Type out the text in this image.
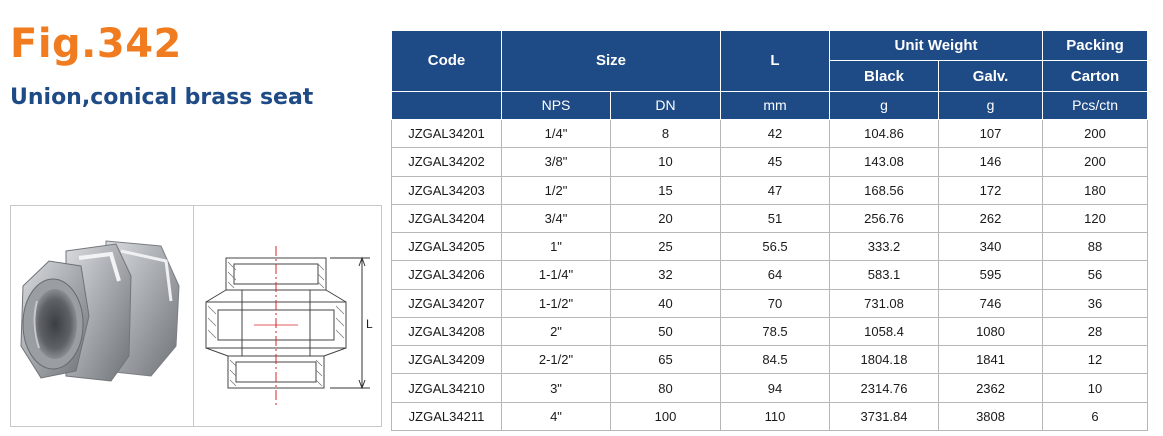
Fig.342
Union,conical brass seat
L
Code	Size		L	Unit Weight		Packing
				Black	Galv.	Carton
	NPS	DN	mm	g	g	Pcs/ctn
JZGAL34201	1/4"	8	42	104.86	107	200
JZGAL34202	3/8"	10	45	143.08	146	200
JZGAL34203	1/2"	15	47	168.56	172	180
JZGAL34204	3/4"	20	51	256.76	262	120
JZGAL34205	1"	25	56.5	333.2	340	88
JZGAL34206	1-1/4"	32	64	583.1	595	56
JZGAL34207	1-1/2"	40	70	731.08	746	36
JZGAL34208	2"	50	78.5	1058.4	1080	28
JZGAL34209	2-1/2"	65	84.5	1804.18	1841	12
JZGAL34210	3"	80	94	2314.76	2362	10
JZGAL34211	4"	100	110	3731.84	3808	6
